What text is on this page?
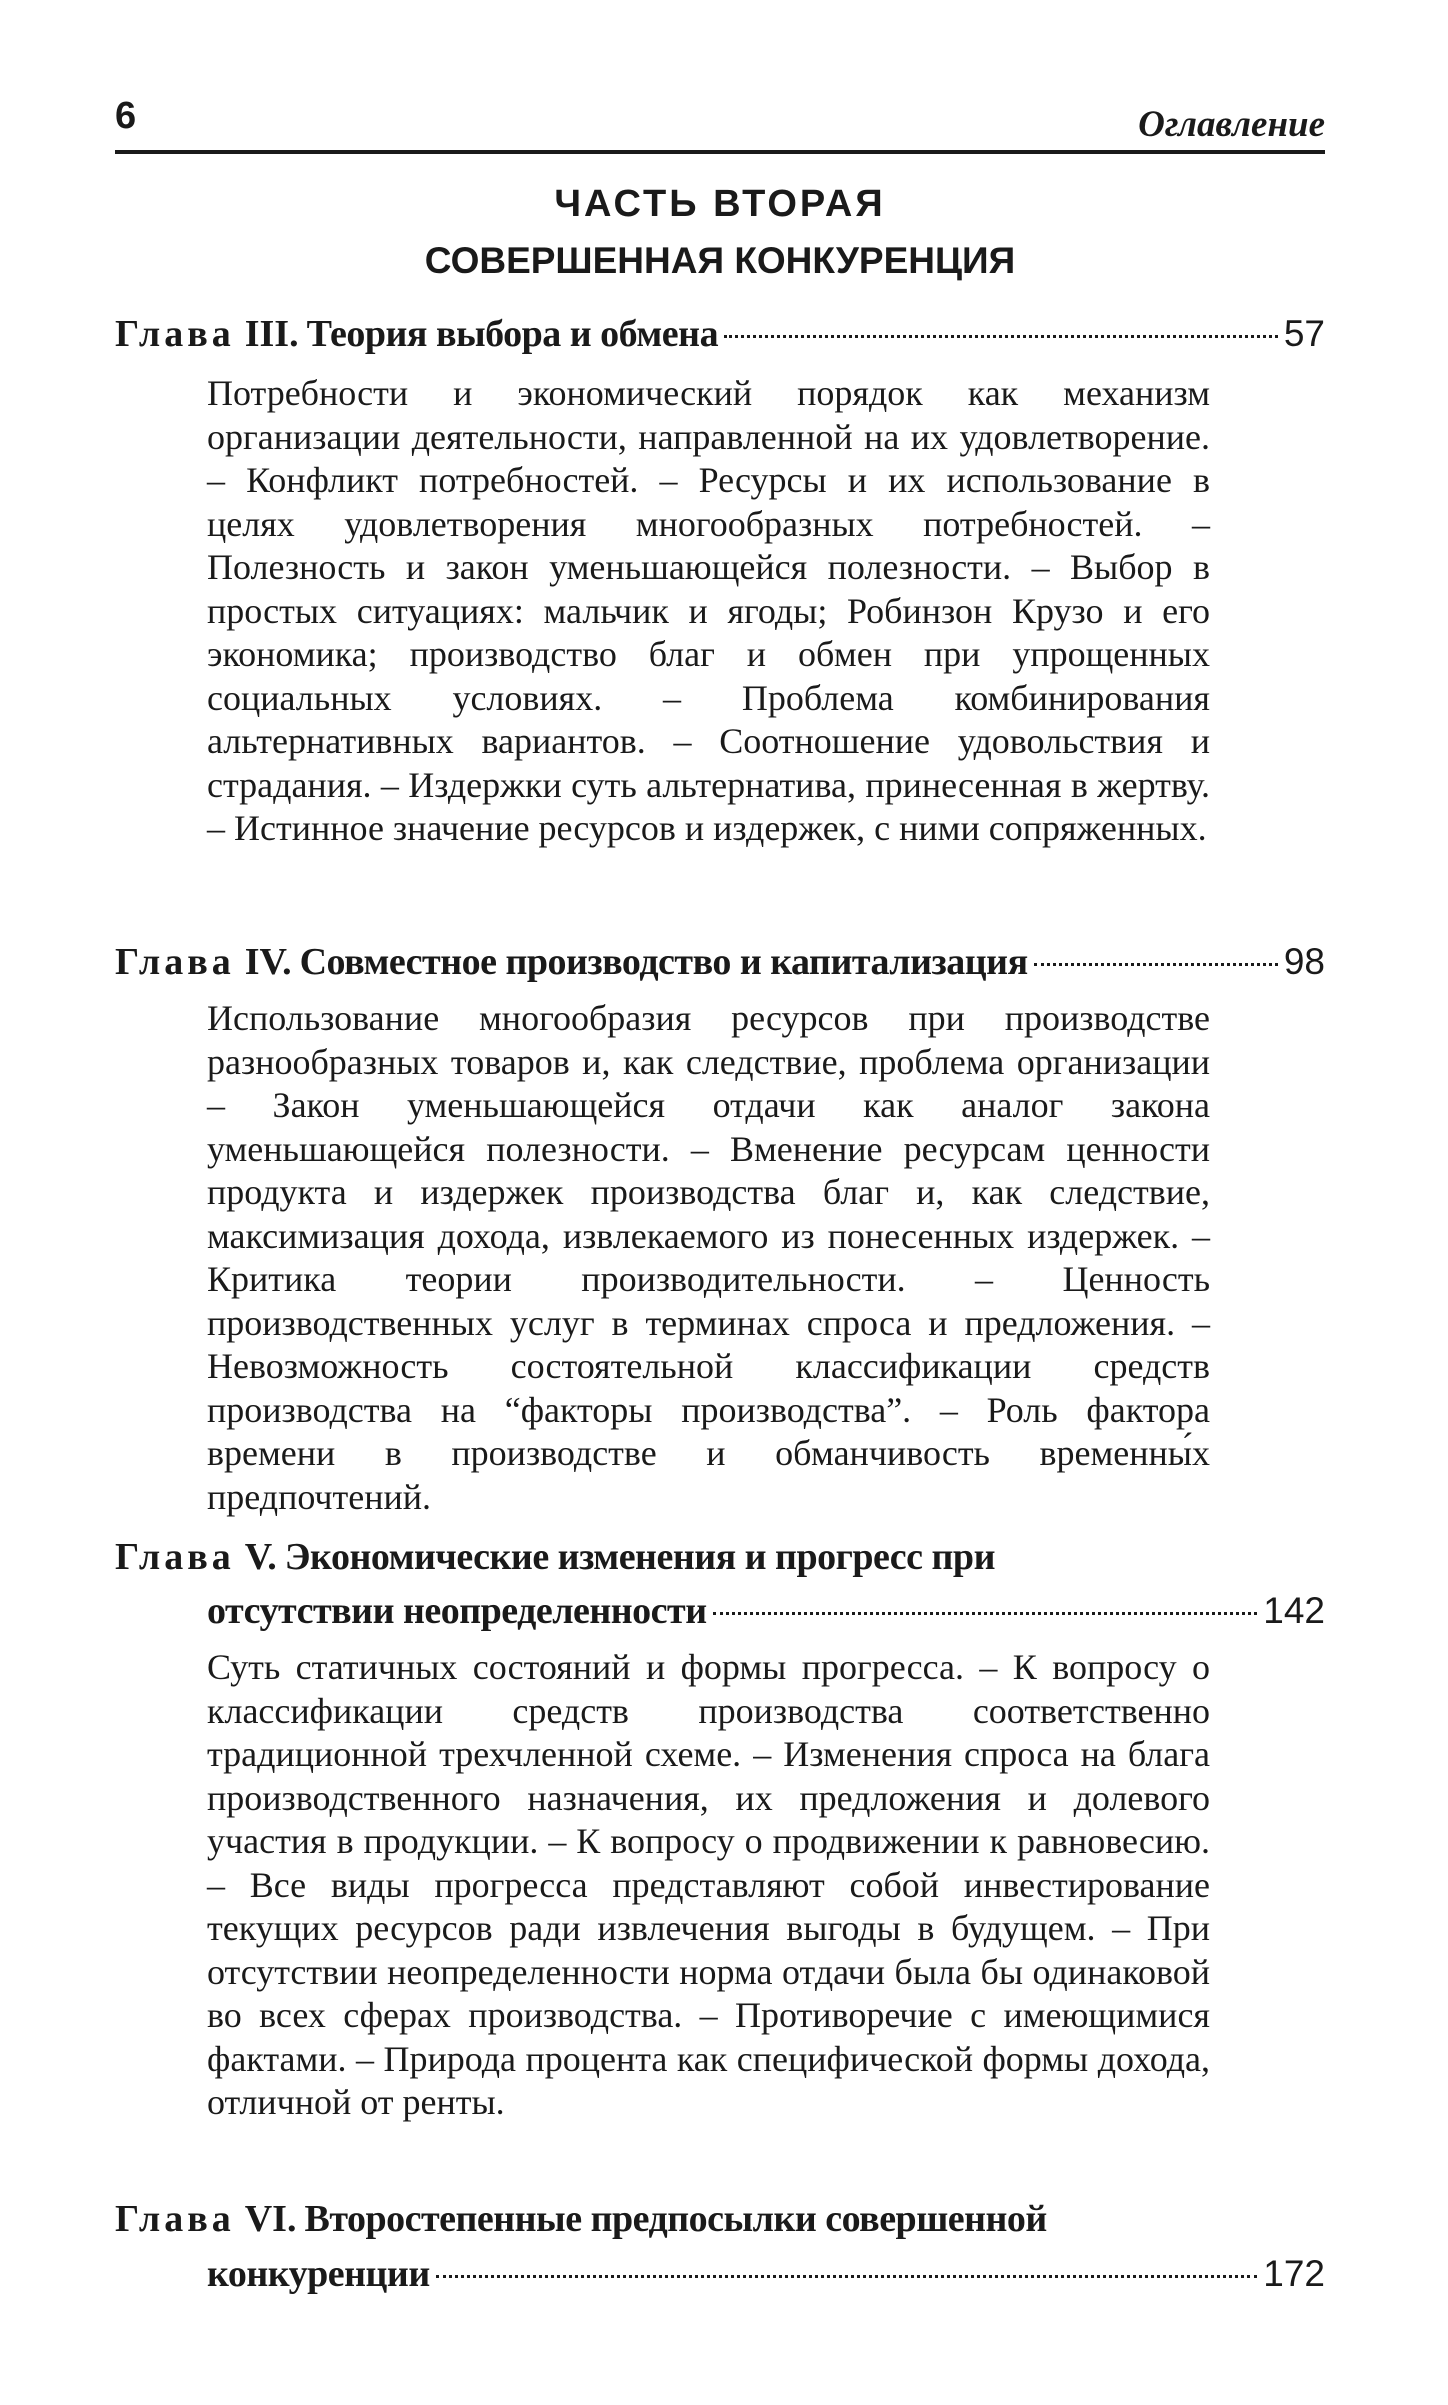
6	Оглавление
ЧАСТЬ ВТОРАЯ
СОВЕРШЕННАЯ КОНКУРЕНЦИЯ
Глава III. Теория выбора и обмена	57
Потребности и экономический порядок как механизм организации деятельности, направленной на их удовлетворение. – Конфликт потребностей. – Ресурсы и их использование в целях удовлетворения многообразных потребностей. – Полезность и закон уменьшающейся полезности. – Выбор в простых ситуациях: мальчик и ягоды; Робинзон Крузо и его экономика; производство благ и обмен при упрощенных социальных условиях. – Проблема комбинирования альтернативных вариантов. – Соотношение удовольствия и страдания. – Издержки суть альтернатива, принесенная в жертву. – Истинное значение ресурсов и издержек, с ними сопряженных.
Глава IV. Совместное производство и капитализация	98
Использование многообразия ресурсов при производстве разнообразных товаров и, как следствие, проблема организации – Закон уменьшающейся отдачи как аналог закона уменьшающейся полезности. – Вменение ресурсам ценности продукта и издержек производства благ и, как следствие, максимизация дохода, извлекаемого из понесенных издержек. – Критика теории производительности. – Ценность производственных услуг в терминах спроса и предложения. – Невозможность состоятельной классификации средств производства на “факторы производства”. – Роль фактора времени в производстве и обманчивость временны́х предпочтений.
Глава V. Экономические изменения и прогресс при
отсутствии неопределенности	142
Суть статичных состояний и формы прогресса. – К вопросу о классификации средств производства соответственно традиционной трехчленной схеме. – Изменения спроса на блага производственного назначения, их предложения и долевого участия в продукции. – К вопросу о продвижении к равновесию. – Все виды прогресса представляют собой инвестирование текущих ресурсов ради извлечения выгоды в будущем. – При отсутствии неопределенности норма отдачи была бы одинаковой во всех сферах производства. – Противоречие с имеющимися фактами. – Природа процента как специфической формы дохода, отличной от ренты.
Глава VI. Второстепенные предпосылки совершенной
конкуренции	172
